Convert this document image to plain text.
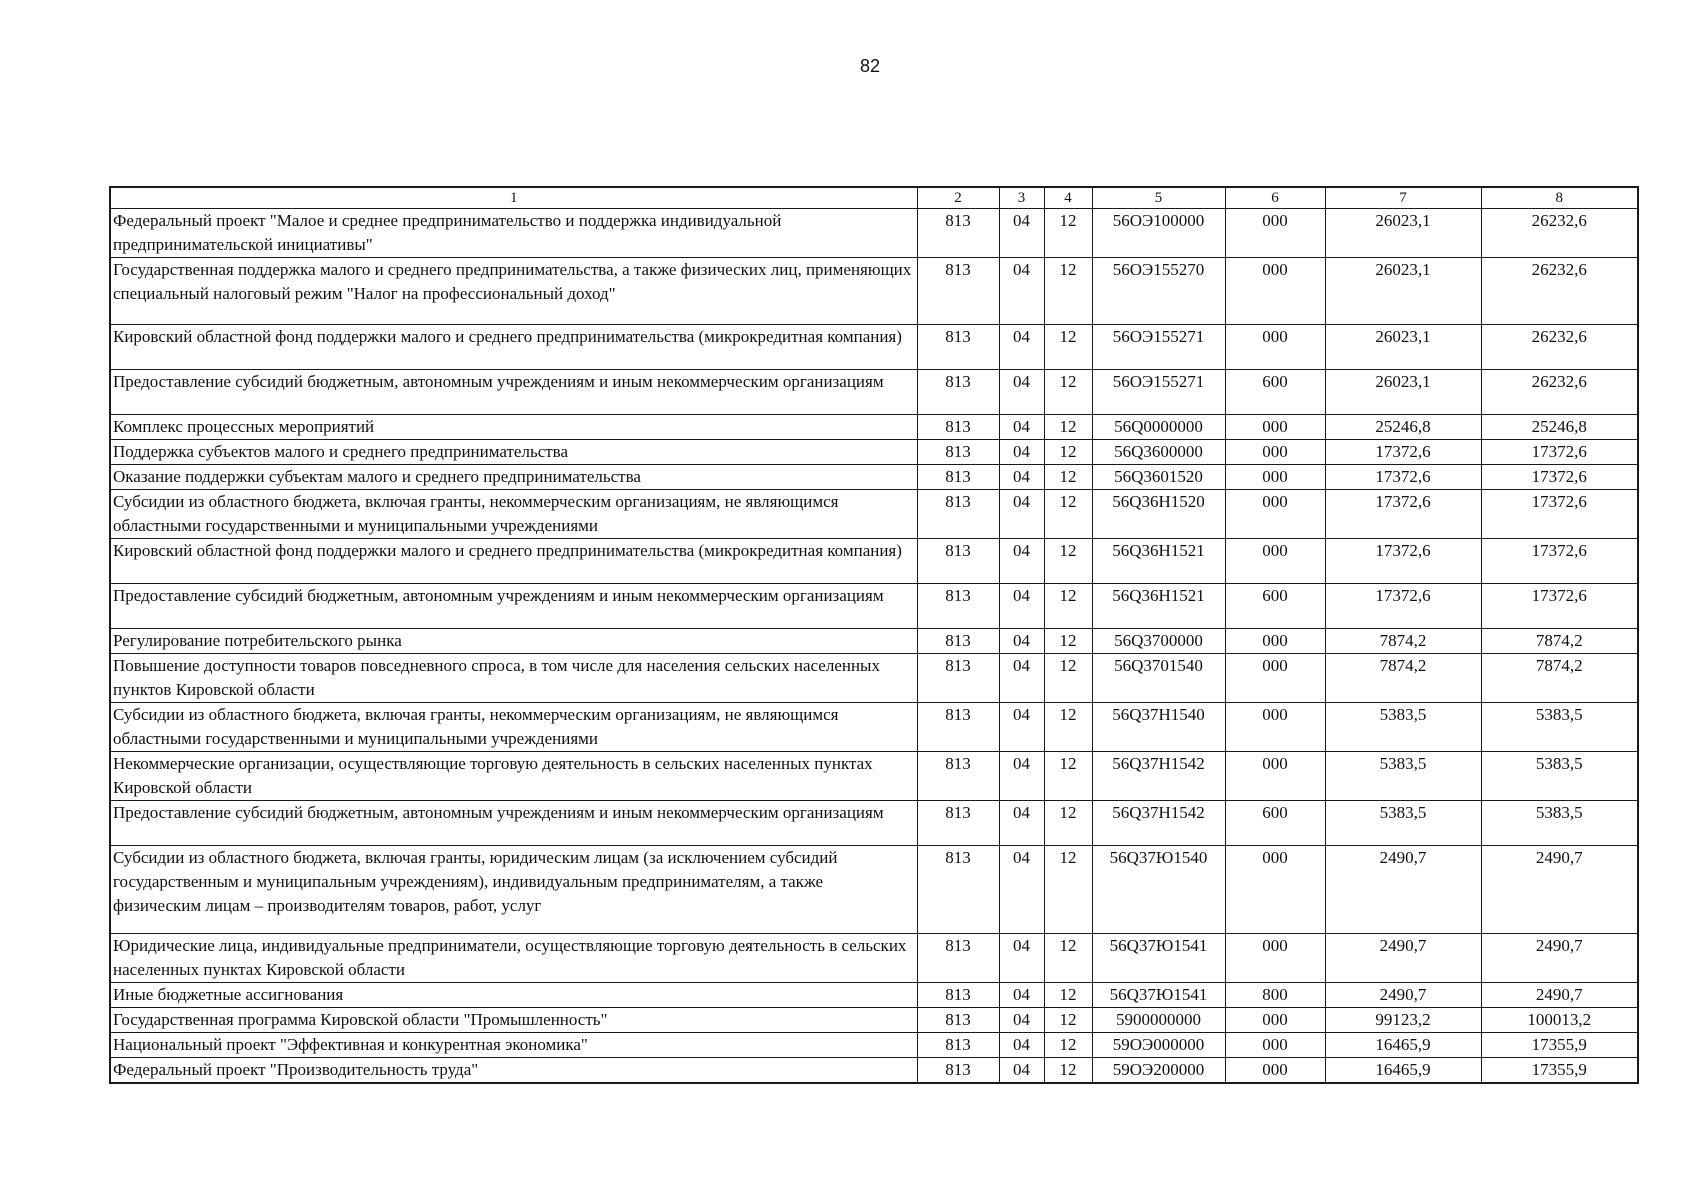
82
1	2	3	4	5	6	7	8
Федеральный проект "Малое и среднее предпринимательство и поддержка индивидуальной предпринимательской инициативы"	813	04	12	56ОЭ100000	000	26023,1	26232,6
Государственная поддержка малого и среднего предпринимательства, а также физических лиц, применяющих специальный налоговый режим "Налог на профессиональный доход"	813	04	12	56ОЭ155270	000	26023,1	26232,6
Кировский областной фонд поддержки малого и среднего предпринимательства (микрокредитная компания)	813	04	12	56ОЭ155271	000	26023,1	26232,6
Предоставление субсидий бюджетным, автономным учреждениям и иным некоммерческим организациям	813	04	12	56ОЭ155271	600	26023,1	26232,6
Комплекс процессных мероприятий	813	04	12	56Q0000000	000	25246,8	25246,8
Поддержка субъектов малого и среднего предпринимательства	813	04	12	56Q3600000	000	17372,6	17372,6
Оказание поддержки субъектам малого и среднего предпринимательства	813	04	12	56Q3601520	000	17372,6	17372,6
Субсидии из областного бюджета, включая гранты, некоммерческим организациям, не являющимся областными государственными и муниципальными учреждениями	813	04	12	56Q36Н1520	000	17372,6	17372,6
Кировский областной фонд поддержки малого и среднего предпринимательства (микрокредитная компания)	813	04	12	56Q36Н1521	000	17372,6	17372,6
Предоставление субсидий бюджетным, автономным учреждениям и иным некоммерческим организациям	813	04	12	56Q36Н1521	600	17372,6	17372,6
Регулирование потребительского рынка	813	04	12	56Q3700000	000	7874,2	7874,2
Повышение доступности товаров повседневного спроса, в том числе для населения сельских населенных пунктов Кировской области	813	04	12	56Q3701540	000	7874,2	7874,2
Субсидии из областного бюджета, включая гранты, некоммерческим организациям, не являющимся областными государственными и муниципальными учреждениями	813	04	12	56Q37Н1540	000	5383,5	5383,5
Некоммерческие организации, осуществляющие торговую деятельность в сельских населенных пунктах Кировской области	813	04	12	56Q37Н1542	000	5383,5	5383,5
Предоставление субсидий бюджетным, автономным учреждениям и иным некоммерческим организациям	813	04	12	56Q37Н1542	600	5383,5	5383,5
Субсидии из областного бюджета, включая гранты, юридическим лицам (за исключением субсидий государственным и муниципальным учреждениям), индивидуальным предпринимателям, а также физическим лицам – производителям товаров, работ, услуг	813	04	12	56Q37Ю1540	000	2490,7	2490,7
Юридические лица, индивидуальные предприниматели, осуществляющие торговую деятельность в сельских населенных пунктах Кировской области	813	04	12	56Q37Ю1541	000	2490,7	2490,7
Иные бюджетные ассигнования	813	04	12	56Q37Ю1541	800	2490,7	2490,7
Государственная программа Кировской области "Промышленность"	813	04	12	5900000000	000	99123,2	100013,2
Национальный проект "Эффективная и конкурентная экономика"	813	04	12	59ОЭ000000	000	16465,9	17355,9
Федеральный проект "Производительность труда"	813	04	12	59ОЭ200000	000	16465,9	17355,9
